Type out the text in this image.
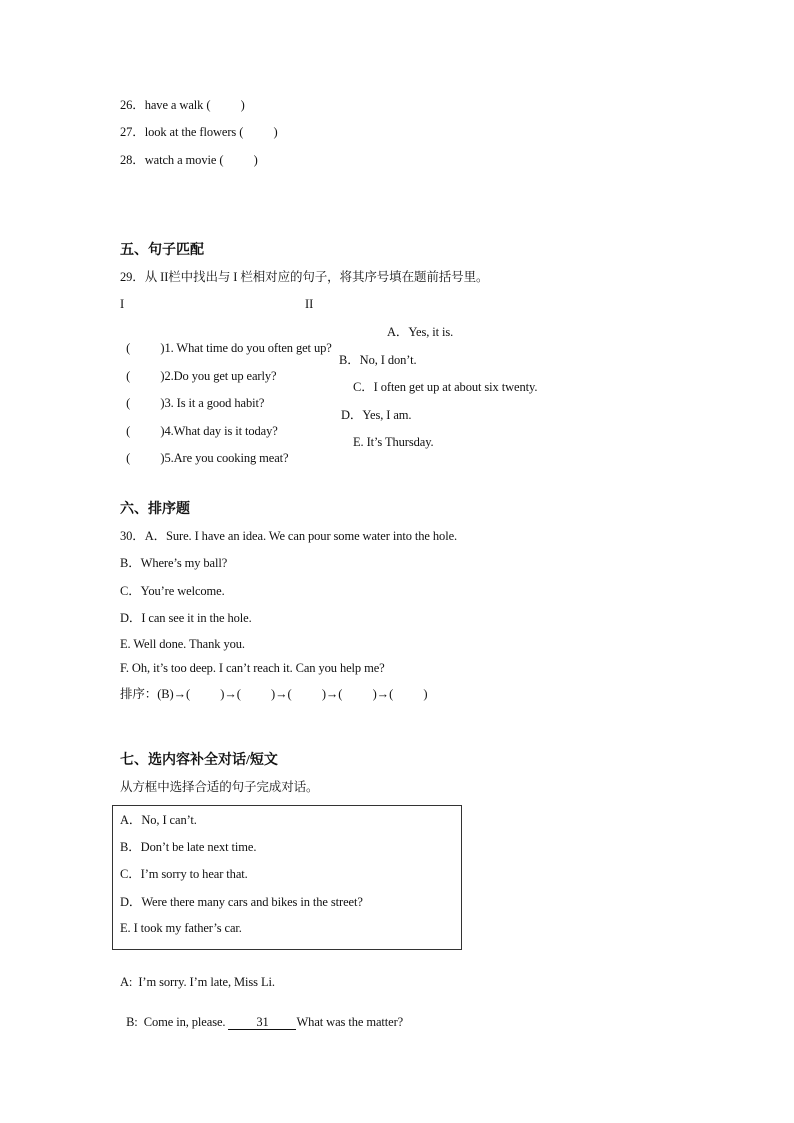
26．have a walk (          )
27．look at the flowers (          )
28．watch a movie (          )
五、句子匹配
29．从 II栏中找出与 I 栏相对应的句子，将其序号填在题前括号里。
I	II

(          )1. What time do you often get up?

A．Yes, it is.

(          )2.Do you get up early?

B．No, I don’t.

(          )3. Is it a good habit?

C．I often get up at about six twenty.

(          )4.What day is it today?

D．Yes, I am.

(          )5.Are you cooking meat?

E. It’s Thursday.

六、排序题
30．A．Sure. I have an idea. We can pour some water into the hole.
B．Where’s my ball?
C．You’re welcome.
D．I can see it in the hole.
E. Well done. Thank you.
F. Oh, it’s too deep. I can’t reach it. Can you help me?
排序：(B)→(          )→(          )→(          )→(          )→(          )
七、选内容补全对话/短文
从方框中选择合适的句子完成对话。
A．No, I can’t.
B．Don’t be late next time.
C．I’m sorry to hear that.
D．Were there many cars and bikes in the street?
E. I took my father’s car.
A:  I’m sorry. I’m late, Miss Li.

B:  Come in, please. 31 What was the matter?
